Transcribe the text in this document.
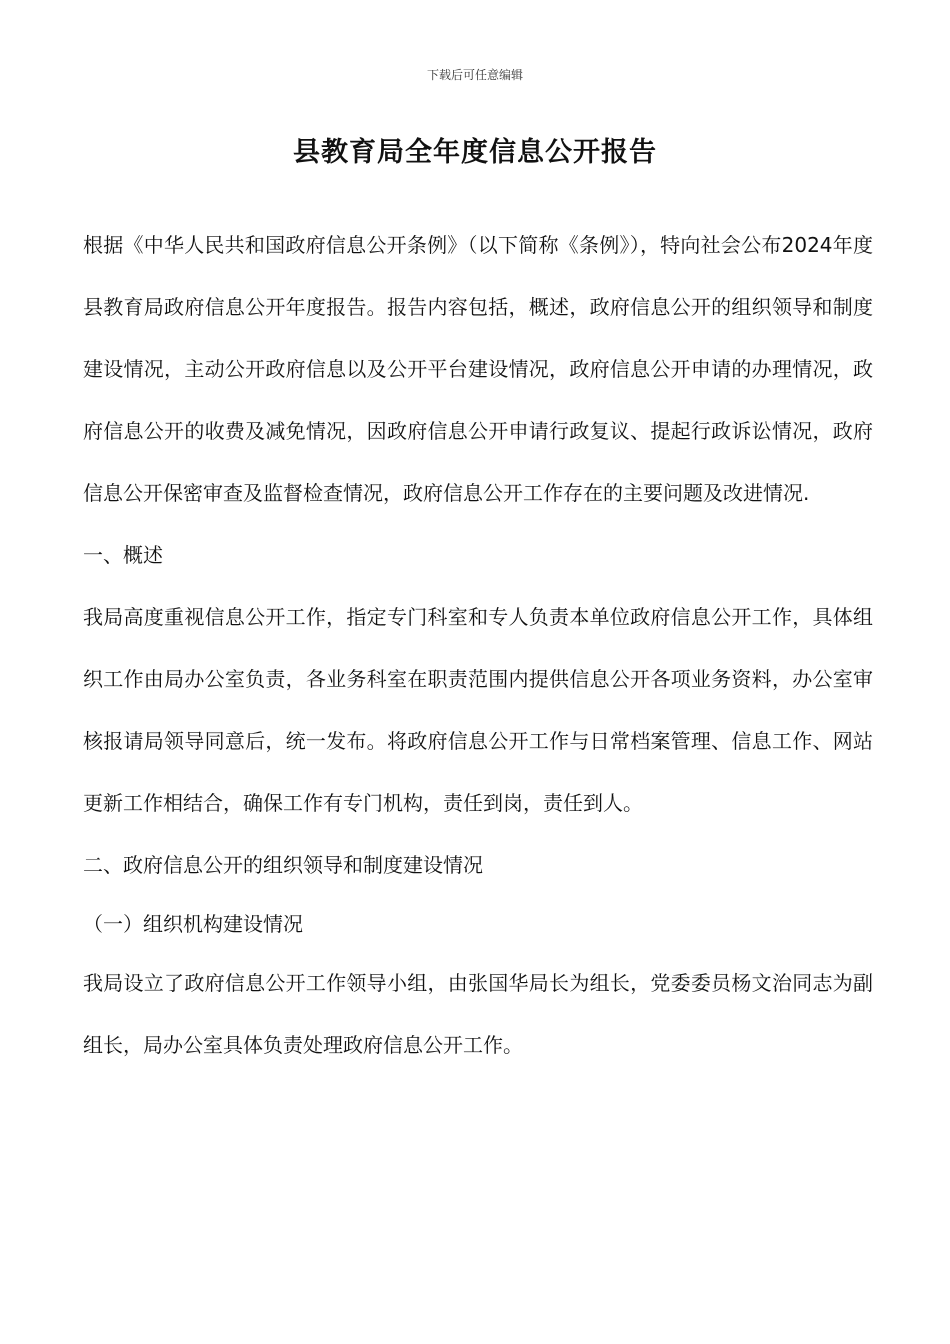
下载后可任意编辑
县教育局全年度信息公开报告

根据《中华人民共和国政府信息公开条例》（以下简称《条例》），特向社会公布2024年度县教育局政府信息公开年度报告。报告内容包括，概述，政府信息公开的组织领导和制度建设情况，主动公开政府信息以及公开平台建设情况，政府信息公开申请的办理情况，政府信息公开的收费及减免情况，因政府信息公开申请行政复议、提起行政诉讼情况，政府信息公开保密审查及监督检查情况，政府信息公开工作存在的主要问题及改进情况.

一、概述

我局高度重视信息公开工作，指定专门科室和专人负责本单位政府信息公开工作，具体组织工作由局办公室负责，各业务科室在职责范围内提供信息公开各项业务资料，办公室审核报请局领导同意后，统一发布。将政府信息公开工作与日常档案管理、信息工作、网站更新工作相结合，确保工作有专门机构，责任到岗，责任到人。

二、政府信息公开的组织领导和制度建设情况

（一）组织机构建设情况

我局设立了政府信息公开工作领导小组，由张国华局长为组长，党委委员杨文治同志为副组长，局办公室具体负责处理政府信息公开工作。
